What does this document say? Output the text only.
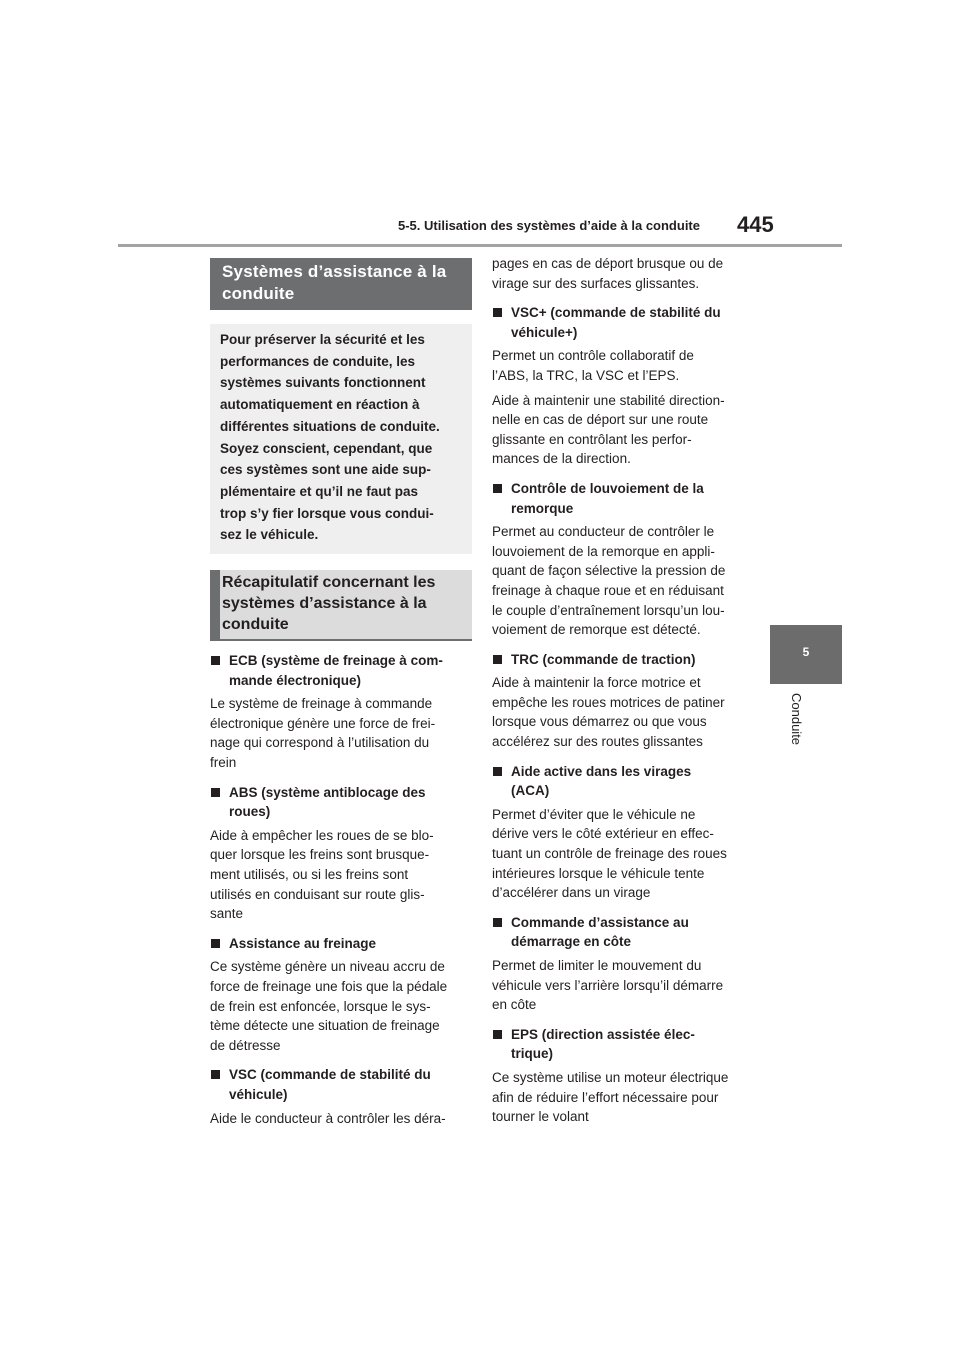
5-5. Utilisation des systèmes d’aide à la conduite 445
5
Conduite
Systèmes d’assistance à la
conduite
Pour préserver la sécurité et les
performances de conduite, les
systèmes suivants fonctionnent
automatiquement en réaction à
différentes situations de conduite.
Soyez conscient, cependant, que
ces systèmes sont une aide sup-
plémentaire et qu’il ne faut pas
trop s’y fier lorsque vous condui-
sez le véhicule.
Récapitulatif concernant les
systèmes d’assistance à la
conduite
ECB (système de freinage à com-
mande électronique)

Le système de freinage à commande
électronique génère une force de frei-
nage qui correspond à l’utilisation du
frein

ABS (système antiblocage des
roues)

Aide à empêcher les roues de se blo-
quer lorsque les freins sont brusque-
ment utilisés, ou si les freins sont
utilisés en conduisant sur route glis-
sante

Assistance au freinage

Ce système génère un niveau accru de
force de freinage une fois que la pédale
de frein est enfoncée, lorsque le sys-
tème détecte une situation de freinage
de détresse

VSC (commande de stabilité du
véhicule)

Aide le conducteur à contrôler les déra-

pages en cas de déport brusque ou de
virage sur des surfaces glissantes.
VSC+ (commande de stabilité du
véhicule+)

Permet un contrôle collaboratif de
l’ABS, la TRC, la VSC et l’EPS.

Aide à maintenir une stabilité direction-
nelle en cas de déport sur une route
glissante en contrôlant les perfor-
mances de la direction.

Contrôle de louvoiement de la
remorque

Permet au conducteur de contrôler le
louvoiement de la remorque en appli-
quant de façon sélective la pression de
freinage à chaque roue et en réduisant
le couple d’entraînement lorsqu’un lou-
voiement de remorque est détecté.

TRC (commande de traction)

Aide à maintenir la force motrice et
empêche les roues motrices de patiner
lorsque vous démarrez ou que vous
accélérez sur des routes glissantes

Aide active dans les virages
(ACA)

Permet d’éviter que le véhicule ne
dérive vers le côté extérieur en effec-
tuant un contrôle de freinage des roues
intérieures lorsque le véhicule tente
d’accélérer dans un virage

Commande d’assistance au
démarrage en côte

Permet de limiter le mouvement du
véhicule vers l’arrière lorsqu’il démarre
en côte

EPS (direction assistée élec-
trique)

Ce système utilise un moteur électrique
afin de réduire l’effort nécessaire pour
tourner le volant
